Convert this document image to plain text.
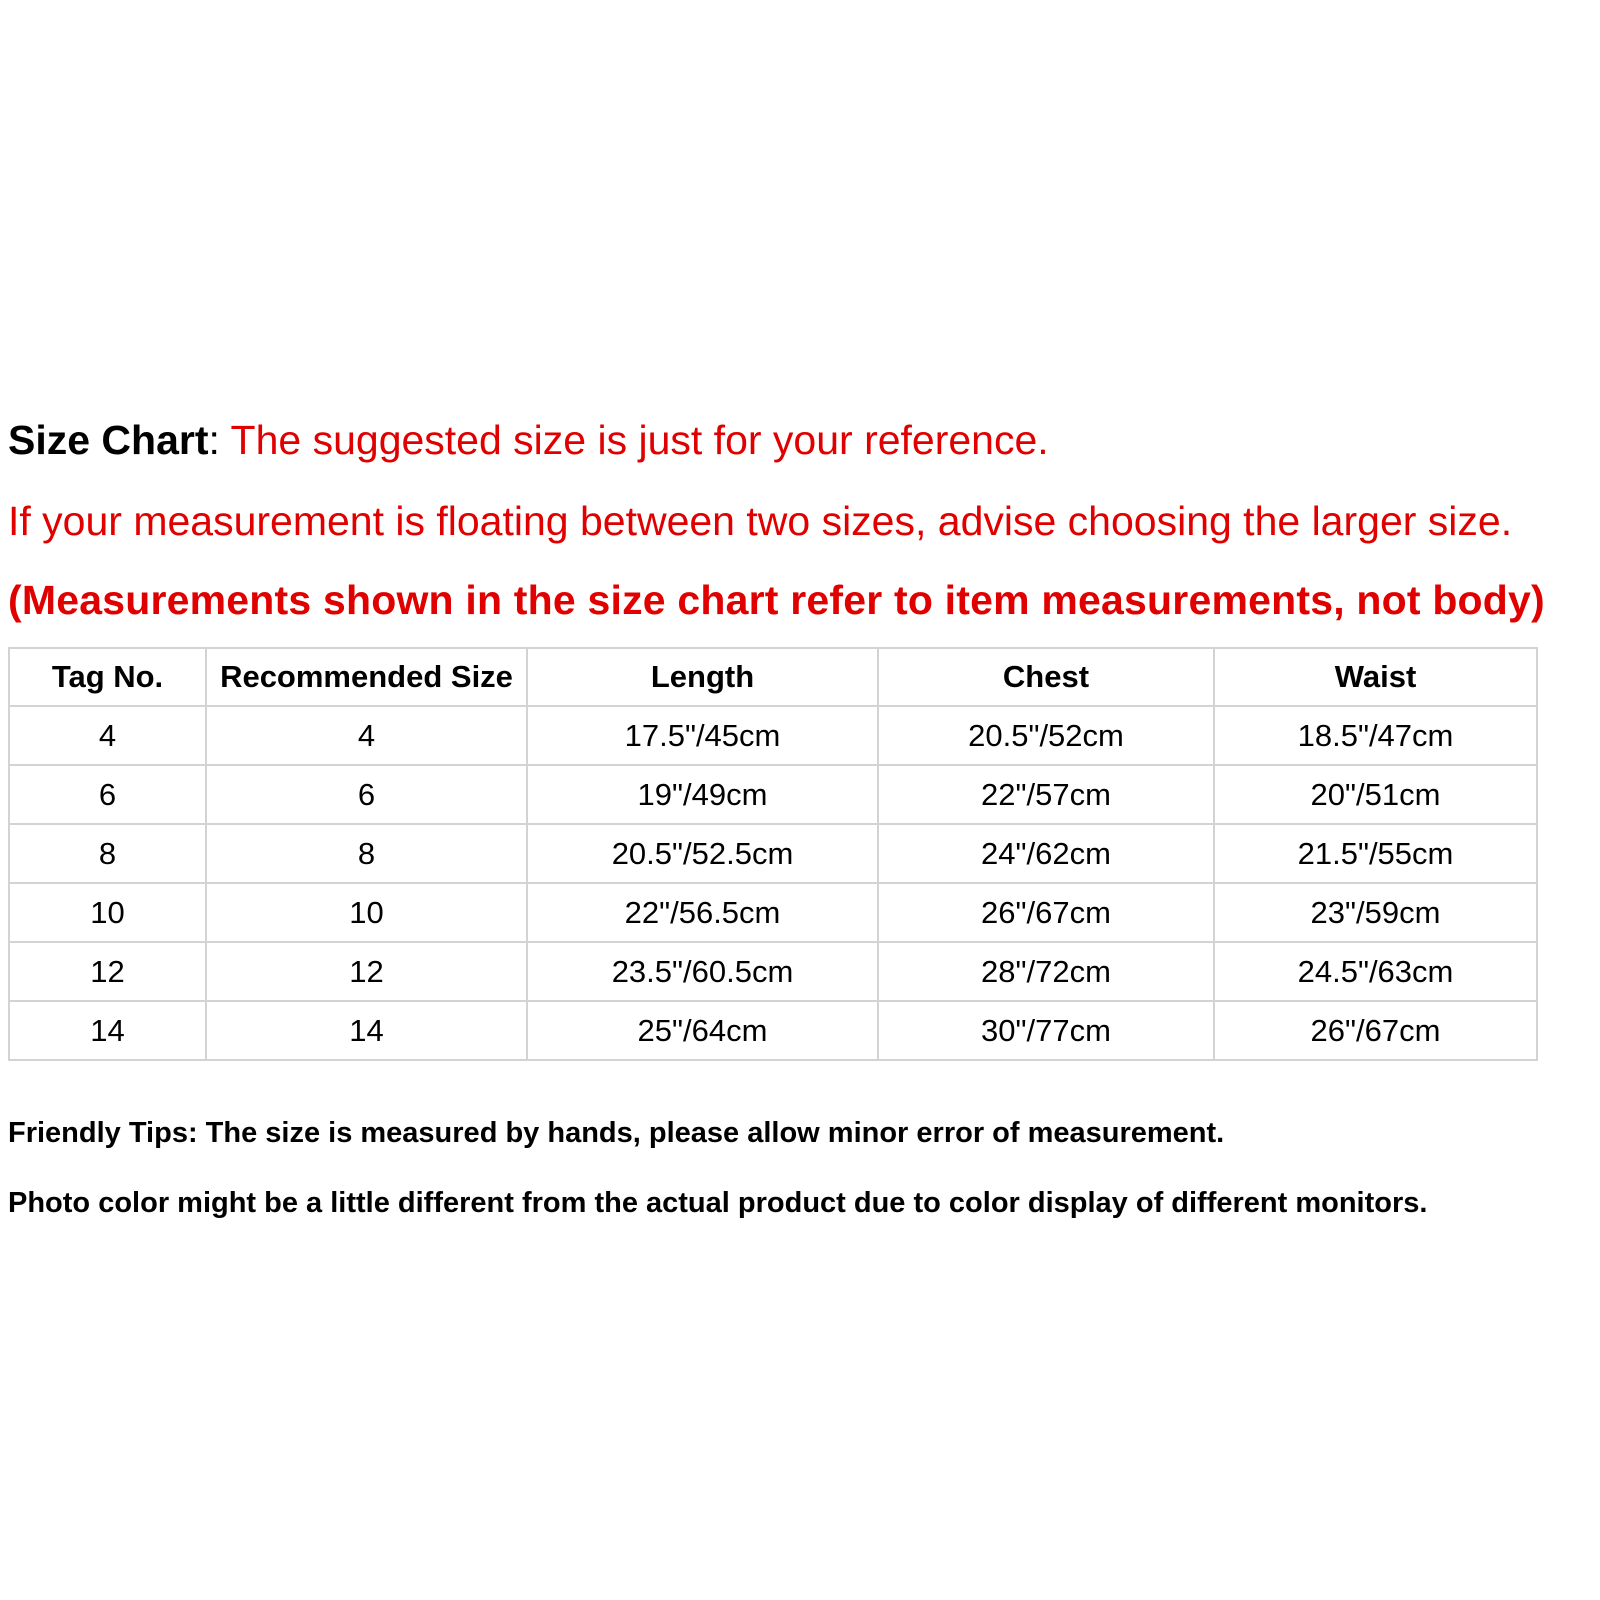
Size Chart: The suggested size is just for your reference.
If your measurement is floating between two sizes, advise choosing the larger size.
(Measurements shown in the size chart refer to item measurements, not body)
Tag No.	Recommended Size	Length	Chest	Waist
4	4	17.5"/45cm	20.5"/52cm	18.5"/47cm
6	6	19"/49cm	22"/57cm	20"/51cm
8	8	20.5"/52.5cm	24"/62cm	21.5"/55cm
10	10	22"/56.5cm	26"/67cm	23"/59cm
12	12	23.5"/60.5cm	28"/72cm	24.5"/63cm
14	14	25"/64cm	30"/77cm	26"/67cm
Friendly Tips: The size is measured by hands, please allow minor error of measurement.
Photo color might be a little different from the actual product due to color display of different monitors.
